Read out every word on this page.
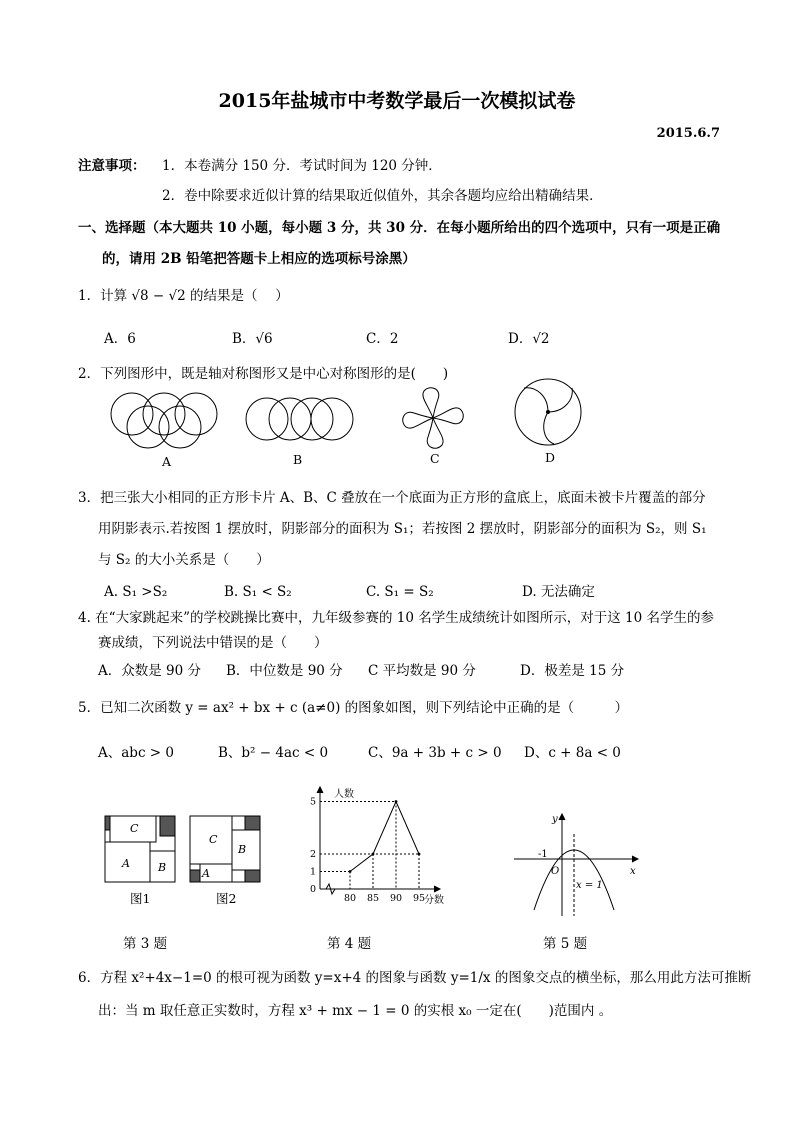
2015年盐城市中考数学最后一次模拟试卷
2015.6.7
注意事项： 1．本卷满分 150 分．考试时间为 120 分钟．
2．卷中除要求近似计算的结果取近似值外，其余各题均应给出精确结果．
一、选择题（本大题共 10 小题，每小题 3 分，共 30 分．在每小题所给出的四个选项中，只有一项是正确
的，请用 2B 铅笔把答题卡上相应的选项标号涂黑）
1．计算 √8 − √2 的结果是（　 ）
A．6	B．√6	C．2	D．√2
2．下列图形中，既是轴对称图形又是中心对称图形的是(　　)
A	B	C	D
3．把三张大小相同的正方形卡片 A、B、C 叠放在一个底面为正方形的盒底上，底面未被卡片覆盖的部分
用阴影表示.若按图 1 摆放时，阴影部分的面积为 S₁；若按图 2 摆放时，阴影部分的面积为 S₂，则 S₁
与 S₂ 的大小关系是（　　）
A. S₁ >S₂	B. S₁ < S₂	C. S₁ = S₂	D. 无法确定
4. 在“大家跳起来”的学校跳操比赛中，九年级参赛的 10 名学生成绩统计如图所示，对于这 10 名学生的参
赛成绩，下列说法中错误的是（　　）
A．众数是 90 分 B．中位数是 90 分 C 平均数是 90 分	D．极差是 15 分
5．已知二次函数 y = ax² + bx + c (a≠0) 的图象如图，则下列结论中正确的是（　　　）
A、abc > 0	B、b² − 4ac < 0	C、9a + 3b + c > 0 D、c + 8a < 0
C
A	B
图1
C
B
A
图2	80 85 90 95
5
2
1
0
人数
分数
y
x
O
-1
x = 1
第 3 题	第 4 题	第 5 题
6．方程 x²+4x−1=0 的根可视为函数 y=x+4 的图象与函数 y=1/x 的图象交点的横坐标，那么用此方法可推断
出：当 m 取任意正实数时，方程 x³ + mx − 1 = 0 的实根 x₀ 一定在(　　)范围内 。
